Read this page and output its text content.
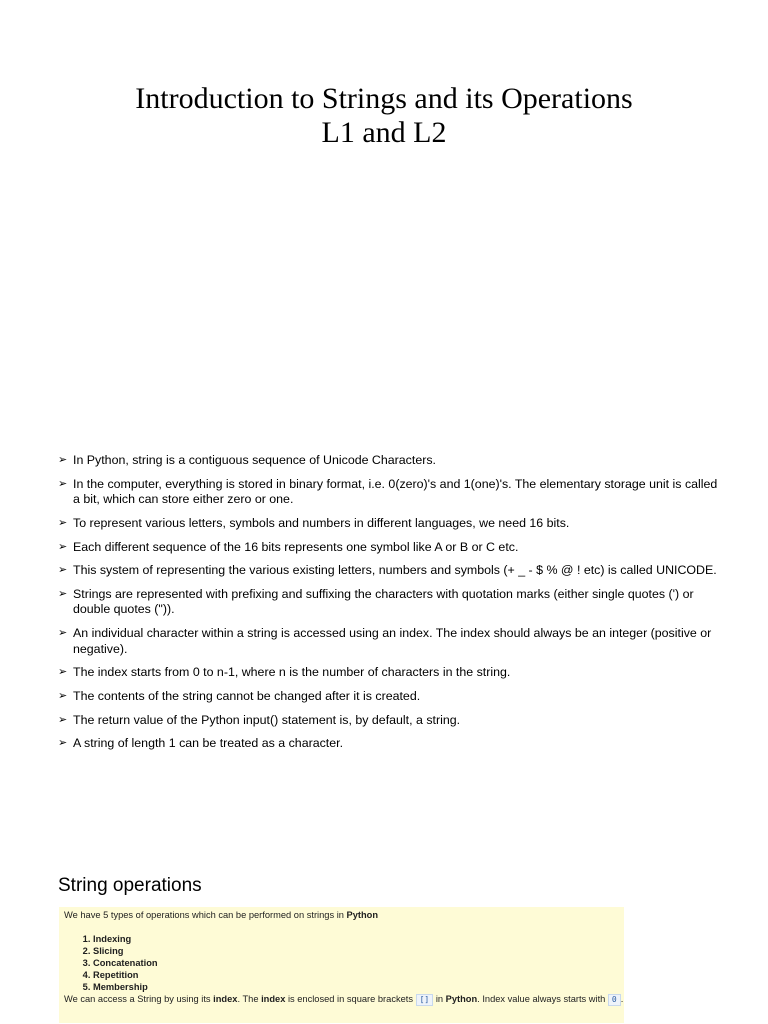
Introduction to Strings and its Operations
L1 and L2
➢ In Python, string is a contiguous sequence of Unicode Characters.
➢ In the computer, everything is stored in binary format, i.e. 0(zero)'s and 1(one)'s. The elementary storage unit is called a bit, which can store either zero or one.
➢ To represent various letters, symbols and numbers in different languages, we need 16 bits.
➢ Each different sequence of the 16 bits represents one symbol like A or B or C etc.
➢ This system of representing the various existing letters, numbers and symbols (+ _ - $ % @ ! etc) is called UNICODE.
➢ Strings are represented with prefixing and suffixing the characters with quotation marks (either single quotes (') or double quotes (")).
➢ An individual character within a string is accessed using an index. The index should always be an integer (positive or negative).
➢ The index starts from 0 to n-1, where n is the number of characters in the string.
➢ The contents of the string cannot be changed after it is created.
➢ The return value of the Python input() statement is, by default, a string.
➢ A string of length 1 can be treated as a character.
String operations
We have 5 types of operations which can be performed on strings in Python
1. Indexing
2. Slicing
3. Concatenation
4. Repetition
5. Membership
We can access a String by using its index. The index is enclosed in square brackets [] in Python. Index value always starts with 0 .
